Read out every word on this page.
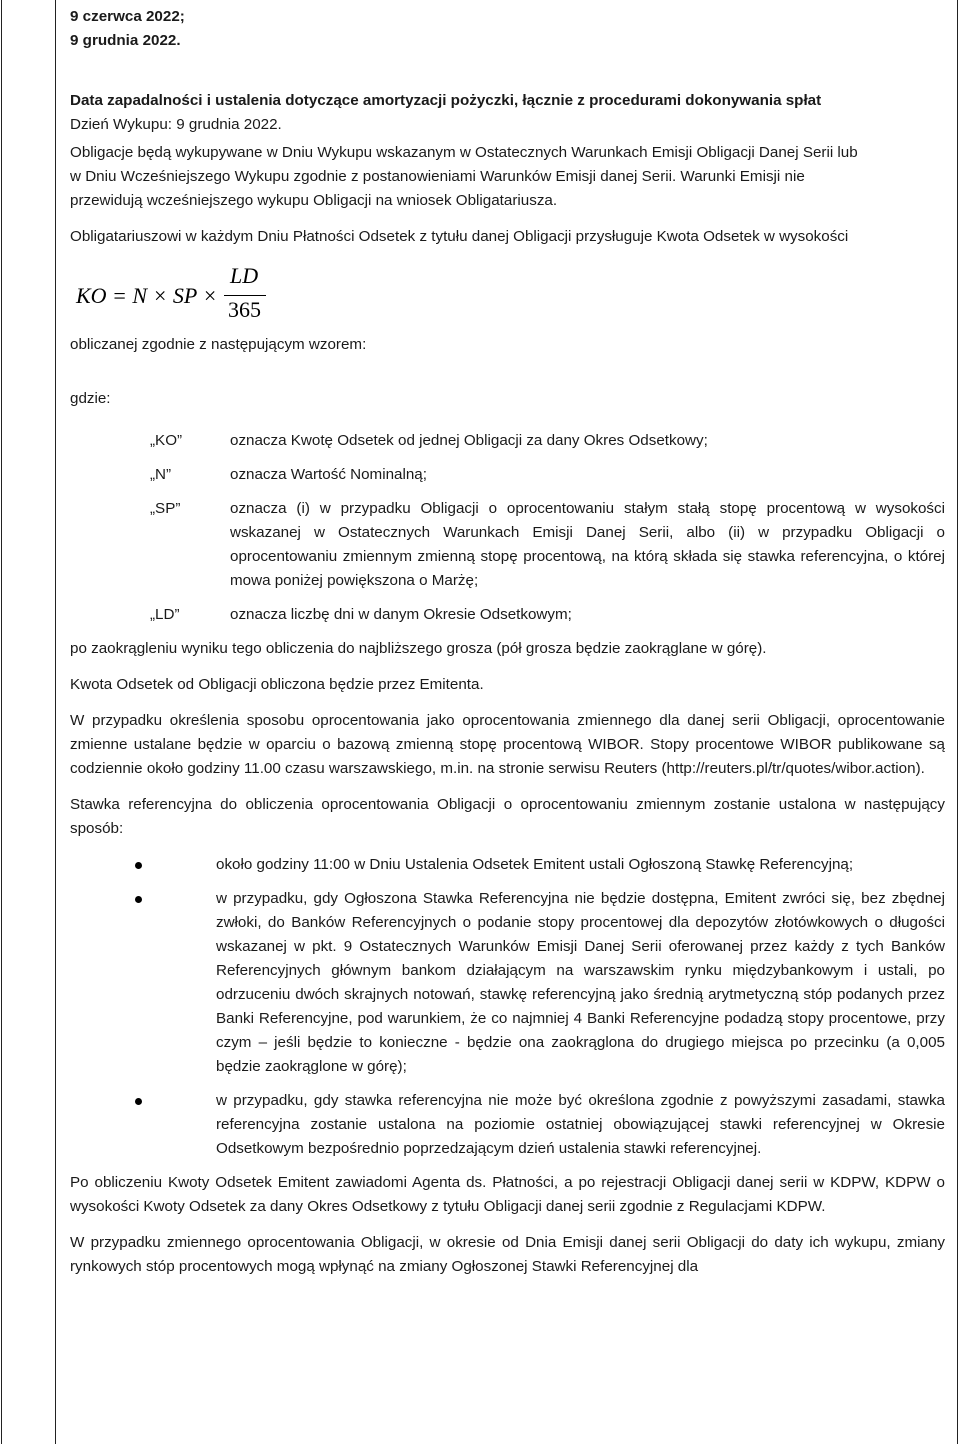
9 czerwca 2022;
9 grudnia 2022.
Data zapadalności i ustalenia dotyczące amortyzacji pożyczki, łącznie z procedurami dokonywania spłat
Dzień Wykupu: 9 grudnia 2022.
Obligacje będą wykupywane w Dniu Wykupu wskazanym w Ostatecznych Warunkach Emisji Obligacji Danej Serii lub
w Dniu Wcześniejszego Wykupu zgodnie z postanowieniami Warunków Emisji danej Serii. Warunki Emisji nie
przewidują wcześniejszego wykupu Obligacji na wniosek Obligatariusza.
Obligatariuszowi w każdym Dniu Płatności Odsetek z tytułu danej Obligacji przysługuje Kwota Odsetek w wysokości
KO = N × SP ×
LD
365
obliczanej zgodnie z następującym wzorem:
gdzie:
„KO”	oznacza Kwotę Odsetek od jednej Obligacji za dany Okres Odsetkowy;
„N”	oznacza Wartość Nominalną;
„SP”	oznacza (i) w przypadku Obligacji o oprocentowaniu stałym stałą stopę procentową w wysokości wskazanej w Ostatecznych Warunkach Emisji Danej Serii, albo (ii) w przypadku Obligacji o oprocentowaniu zmiennym zmienną stopę procentową, na którą składa się stawka referencyjna, o której mowa poniżej powiększona o Marżę;
„LD”	oznacza liczbę dni w danym Okresie Odsetkowym;
po zaokrągleniu wyniku tego obliczenia do najbliższego grosza (pół grosza będzie zaokrąglane w górę).
Kwota Odsetek od Obligacji obliczona będzie przez Emitenta.
W przypadku określenia sposobu oprocentowania jako oprocentowania zmiennego dla danej serii Obligacji, oprocentowanie zmienne ustalane będzie w oparciu o bazową zmienną stopę procentową WIBOR. Stopy procentowe WIBOR publikowane są codziennie około godziny 11.00 czasu warszawskiego, m.in. na stronie serwisu Reuters (http://reuters.pl/tr/quotes/wibor.action).
Stawka referencyjna do obliczenia oprocentowania Obligacji o oprocentowaniu zmiennym zostanie ustalona w następujący sposób:
około godziny 11:00 w Dniu Ustalenia Odsetek Emitent ustali Ogłoszoną Stawkę Referencyjną;
w przypadku, gdy Ogłoszona Stawka Referencyjna nie będzie dostępna, Emitent zwróci się, bez zbędnej zwłoki, do Banków Referencyjnych o podanie stopy procentowej dla depozytów złotówkowych o długości wskazanej w pkt. 9 Ostatecznych Warunków Emisji Danej Serii oferowanej przez każdy z tych Banków Referencyjnych głównym bankom działającym na warszawskim rynku międzybankowym i ustali, po odrzuceniu dwóch skrajnych notowań, stawkę referencyjną jako średnią arytmetyczną stóp podanych przez Banki Referencyjne, pod warunkiem, że co najmniej 4 Banki Referencyjne podadzą stopy procentowe, przy czym – jeśli będzie to konieczne - będzie ona zaokrąglona do drugiego miejsca po przecinku (a 0,005 będzie zaokrąglone w górę);
w przypadku, gdy stawka referencyjna nie może być określona zgodnie z powyższymi zasadami, stawka referencyjna zostanie ustalona na poziomie ostatniej obowiązującej stawki referencyjnej w Okresie Odsetkowym bezpośrednio poprzedzającym dzień ustalenia stawki referencyjnej.
Po obliczeniu Kwoty Odsetek Emitent zawiadomi Agenta ds. Płatności, a po rejestracji Obligacji danej serii w KDPW, KDPW o wysokości Kwoty Odsetek za dany Okres Odsetkowy z tytułu Obligacji danej serii zgodnie z Regulacjami KDPW.
W przypadku zmiennego oprocentowania Obligacji, w okresie od Dnia Emisji danej serii Obligacji do daty ich wykupu, zmiany rynkowych stóp procentowych mogą wpłynąć na zmiany Ogłoszonej Stawki Referencyjnej dla
